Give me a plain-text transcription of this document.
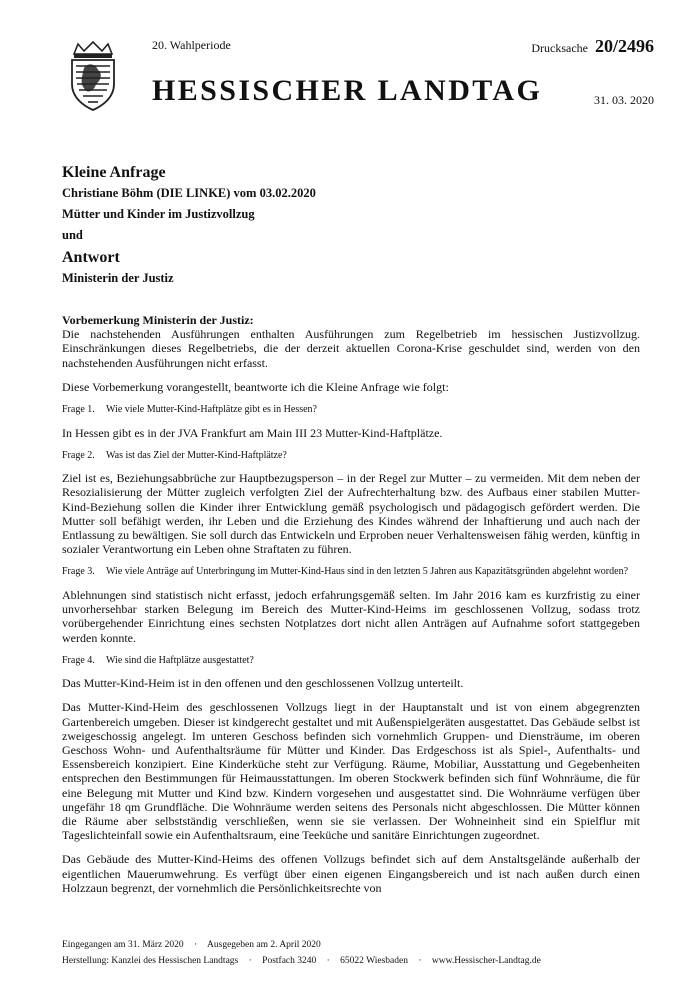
20. Wahlperiode	Drucksache 20/2496
HESSISCHER LANDTAG	31. 03. 2020
Kleine Anfrage
Christiane Böhm (DIE LINKE) vom 03.02.2020
Mütter und Kinder im Justizvollzug
und
Antwort
Ministerin der Justiz

Vorbemerkung Ministerin der Justiz:

Die nachstehenden Ausführungen enthalten Ausführungen zum Regelbetrieb im hessischen Justizvollzug. Einschränkungen dieses Regelbetriebs, die der derzeit aktuellen Corona-Krise geschuldet sind, werden von den nachstehenden Ausführungen nicht erfasst.

Diese Vorbemerkung vorangestellt, beantworte ich die Kleine Anfrage wie folgt:

Frage 1.	Wie viele Mutter-Kind-Haftplätze gibt es in Hessen?

In Hessen gibt es in der JVA Frankfurt am Main III 23 Mutter-Kind-Haftplätze.

Frage 2.	Was ist das Ziel der Mutter-Kind-Haftplätze?

Ziel ist es, Beziehungsabbrüche zur Hauptbezugsperson – in der Regel zur Mutter – zu vermeiden. Mit dem neben der Resozialisierung der Mütter zugleich verfolgten Ziel der Aufrechterhaltung bzw. des Aufbaus einer stabilen Mutter-Kind-Beziehung sollen die Kinder ihrer Entwicklung gemäß psychologisch und pädagogisch gefördert werden. Die Mutter soll befähigt werden, ihr Leben und die Erziehung des Kindes während der Inhaftierung und auch nach der Entlassung zu bewältigen. Sie soll durch das Entwickeln und Erproben neuer Verhaltensweisen fähig werden, künftig in sozialer Verantwortung ein Leben ohne Straftaten zu führen.

Frage 3.	Wie viele Anträge auf Unterbringung im Mutter-Kind-Haus sind in den letzten 5 Jahren aus Kapazitätsgründen abgelehnt worden?

Ablehnungen sind statistisch nicht erfasst, jedoch erfahrungsgemäß selten. Im Jahr 2016 kam es kurzfristig zu einer unvorhersehbar starken Belegung im Bereich des Mutter-Kind-Heims im geschlossenen Vollzug, sodass trotz vorübergehender Einrichtung eines sechsten Notplatzes dort nicht allen Anträgen auf Aufnahme sofort stattgegeben werden konnte.

Frage 4.	Wie sind die Haftplätze ausgestattet?

Das Mutter-Kind-Heim ist in den offenen und den geschlossenen Vollzug unterteilt.

Das Mutter-Kind-Heim des geschlossenen Vollzugs liegt in der Hauptanstalt und ist von einem abgegrenzten Gartenbereich umgeben. Dieser ist kindgerecht gestaltet und mit Außenspielgeräten ausgestattet. Das Gebäude selbst ist zweigeschossig angelegt. Im unteren Geschoss befinden sich vornehmlich Gruppen- und Diensträume, im oberen Geschoss Wohn- und Aufenthaltsräume für Mütter und Kinder. Das Erdgeschoss ist als Spiel-, Aufenthalts- und Essensbereich konzipiert. Eine Kinderküche steht zur Verfügung. Räume, Mobiliar, Ausstattung und Gegebenheiten entsprechen den Bestimmungen für Heimausstattungen. Im oberen Stockwerk befinden sich fünf Wohnräume, die für eine Belegung mit Mutter und Kind bzw. Kindern vorgesehen und ausgestattet sind. Die Wohnräume verfügen über ungefähr 18 qm Grundfläche. Die Wohnräume werden seitens des Personals nicht abgeschlossen. Die Mütter können die Räume aber selbstständig verschließen, wenn sie sie verlassen. Der Wohneinheit sind ein Spielflur mit Tageslichteinfall sowie ein Aufenthaltsraum, eine Teeküche und sanitäre Einrichtungen zugeordnet.

Das Gebäude des Mutter-Kind-Heims des offenen Vollzugs befindet sich auf dem Anstaltsgelände außerhalb der eigentlichen Mauerumwehrung. Es verfügt über einen eigenen Eingangsbereich und ist nach außen durch einen Holzzaun begrenzt, der vornehmlich die Persönlichkeitsrechte von

Eingegangen am 31. März 2020 · Ausgegeben am 2. April 2020
Herstellung: Kanzlei des Hessischen Landtags · Postfach 3240 · 65022 Wiesbaden · www.Hessischer-Landtag.de
